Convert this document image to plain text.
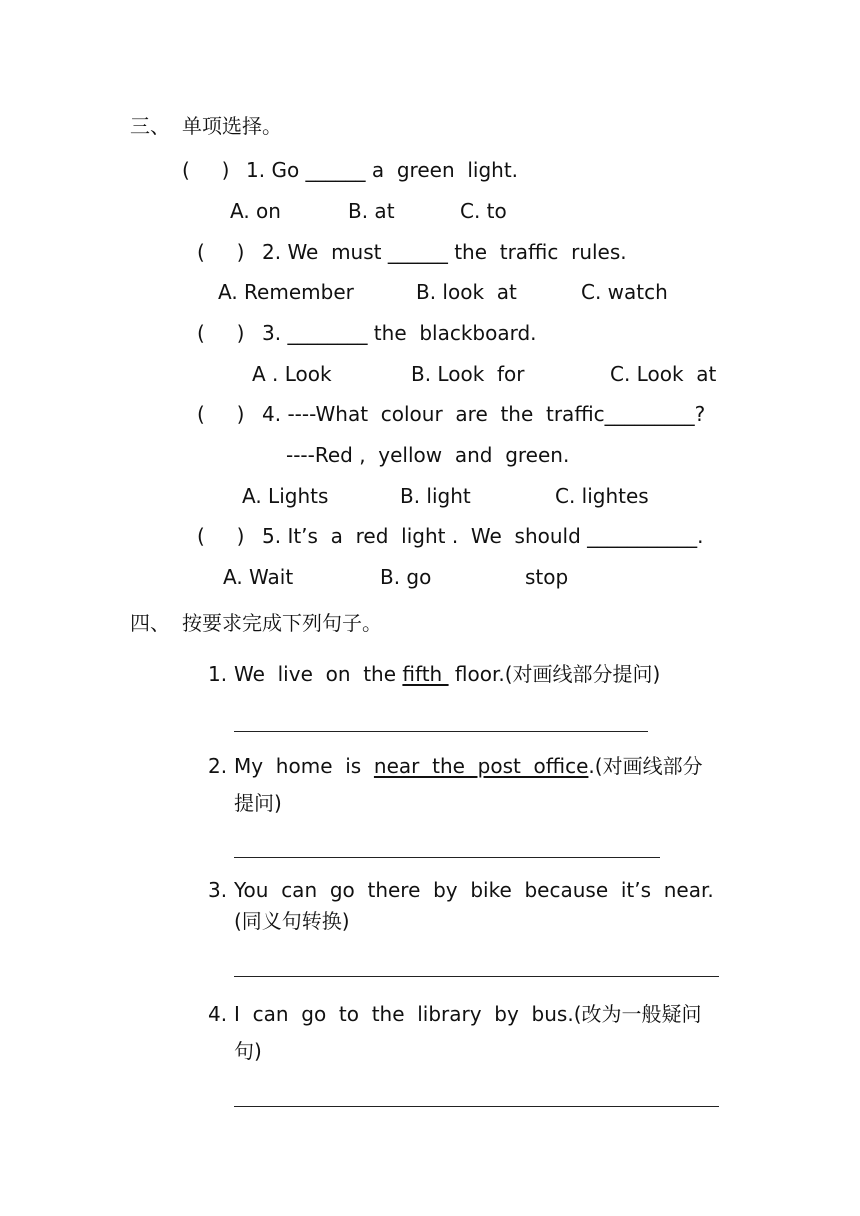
三、 单项选择。
(     ) 1. Go ______ a  green  light.
A. on	B. at	C. to
(     ) 2. We  must ______ the  traffic  rules.
A. Remember	B. look  at	C. watch
(     ) 3. ________ the  blackboard.
A . Look	B. Look  for	C. Look  at
(     ) 4. ----What  colour  are  the  traffic_________?
----Red ,  yellow  and  green.
A. Lights	B. light	C. lightes
(     ) 5. It’s  a  red  light .  We  should ___________.
A. Wait	B. go	stop
四、 按要求完成下列句子。
1. We  live  on  the fifth  floor.(对画线部分提问)
2. My  home  is  near  the  post  office.(对画线部分
提问)
3. You  can  go  there  by  bike  because  it’s  near.
(同义句转换)
4. I  can  go  to  the  library  by  bus.(改为一般疑问
句)
